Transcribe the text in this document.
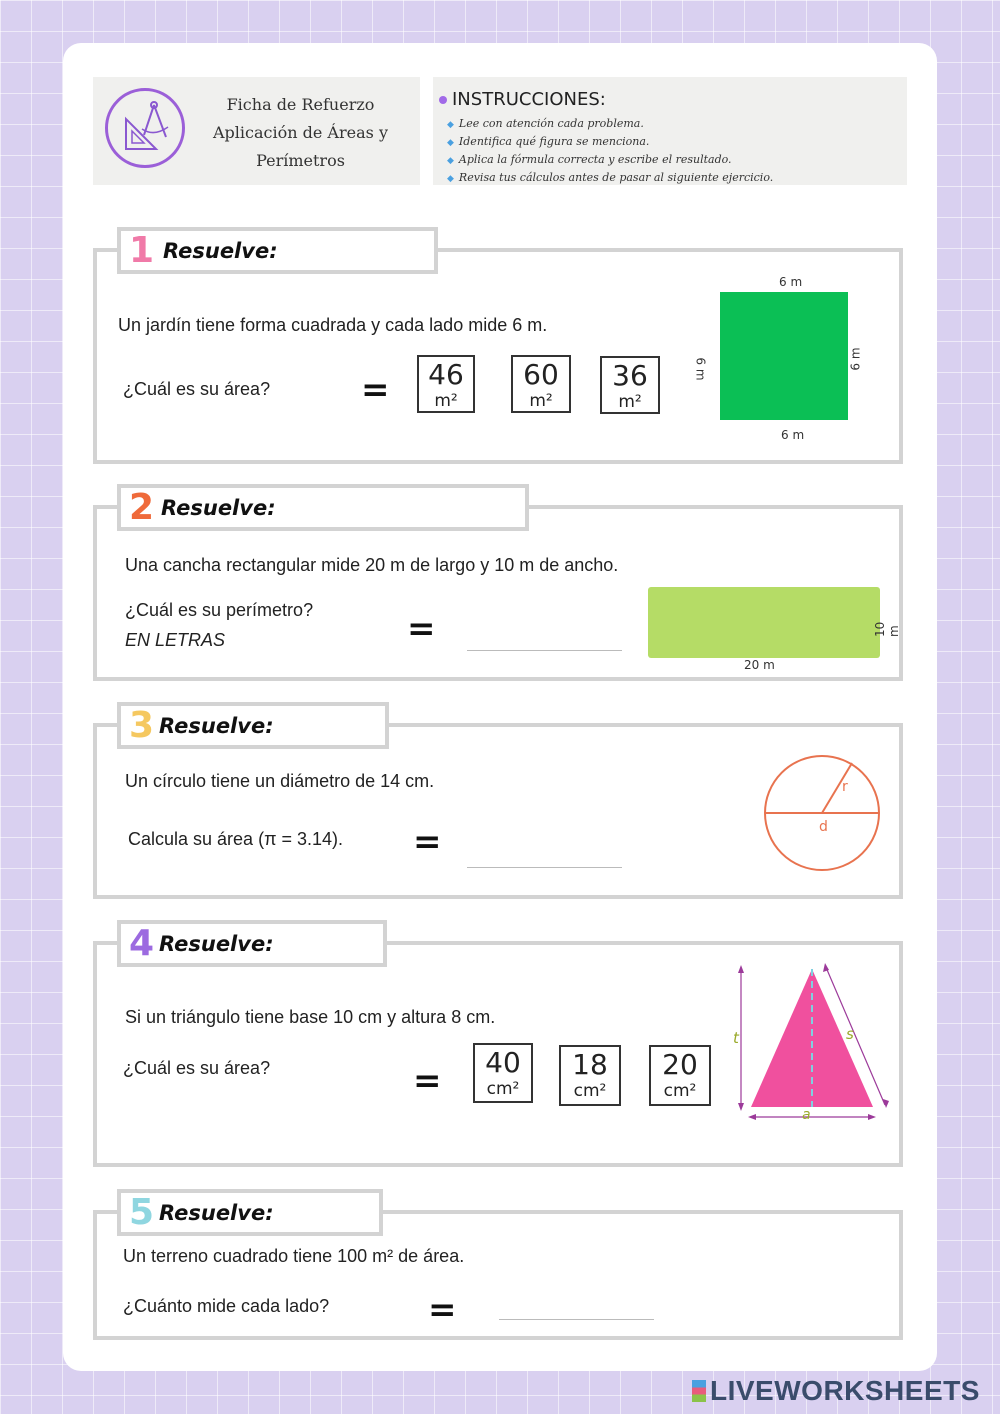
Ficha de Refuerzo
Aplicación de Áreas y
Perímetros
INSTRUCCIONES:
◆ Lee con atención cada problema.
◆ Identifica qué figura se menciona.
◆ Aplica la fórmula correcta y escribe el resultado.
◆ Revisa tus cálculos antes de pasar al siguiente ejercicio.
Un jardín tiene forma cuadrada y cada lado mide 6 m.
¿Cuál es su área?	=	46
m²
60
m²
36
m²
6 m
6 m
6 m	6 m
1 Resuelve:
Una cancha rectangular mide 20 m de largo y 10 m de ancho.
¿Cuál es su perímetro?
EN LETRAS	=
20 m
10 m
2 Resuelve:
Un círculo tiene un diámetro de 14 cm.
Calcula su área (π = 3.14). =
r
d
3 Resuelve:
Si un triángulo tiene base 10 cm y altura 8 cm.
¿Cuál es su área?	=	40
cm²
18
cm²
20
cm²
t	s
a
4 Resuelve:
Un terreno cuadrado tiene 100 m² de área.
¿Cuánto mide cada lado?	=
5 Resuelve:
LIVEWORKSHEETS
